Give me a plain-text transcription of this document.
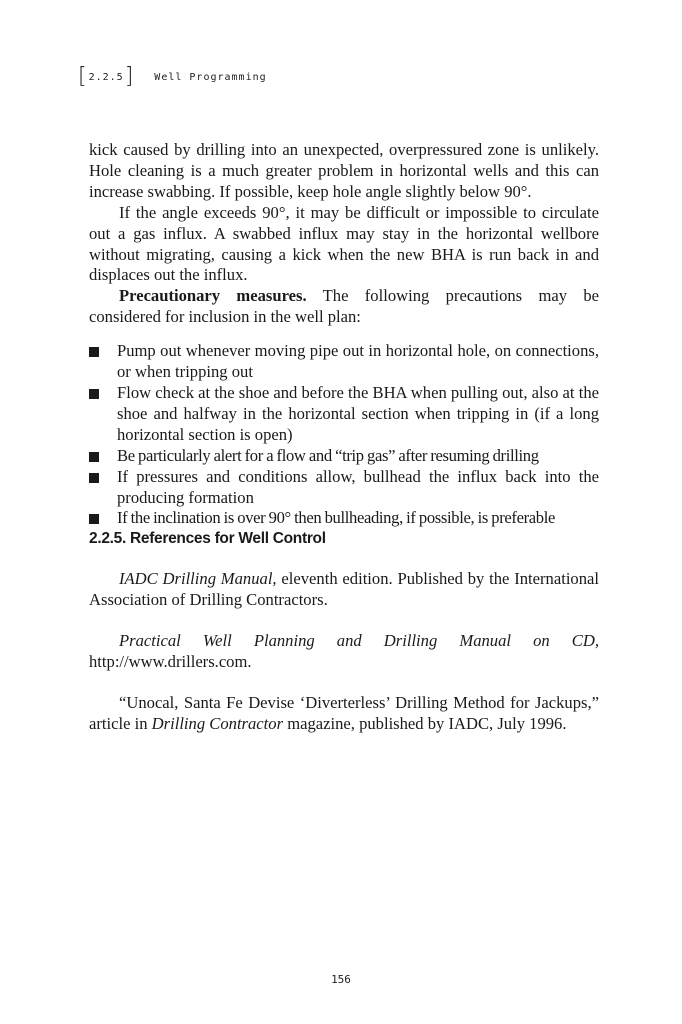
[ 2.2.5 ] Well Programming

kick caused by drilling into an unexpected, overpressured zone is unlikely. Hole cleaning is a much greater problem in horizontal wells and this can increase swabbing. If possible, keep hole angle slightly below 90°.

If the angle exceeds 90°, it may be difficult or impossible to circulate out a gas influx. A swabbed influx may stay in the horizontal wellbore without migrating, causing a kick when the new BHA is run back in and displaces out the influx.

Precautionary measures. The following precautions may be considered for inclusion in the well plan:

Pump out whenever moving pipe out in horizontal hole, on connections, or when tripping out
Flow check at the shoe and before the BHA when pulling out, also at the shoe and halfway in the horizontal section when tripping in (if a long horizontal section is open)
Be particularly alert for a flow and “trip gas” after resuming drilling
If pressures and conditions allow, bullhead the influx back into the producing formation
If the inclination is over 90° then bullheading, if possible, is preferable

2.2.5. References for Well Control

IADC Drilling Manual, eleventh edition. Published by the International Association of Drilling Contractors.

Practical Well Planning and Drilling Manual on CD, http://www.drillers.com.

“Unocal, Santa Fe Devise ‘Diverterless’ Drilling Method for Jackups,” article in Drilling Contractor magazine, published by IADC, July 1996.

156
